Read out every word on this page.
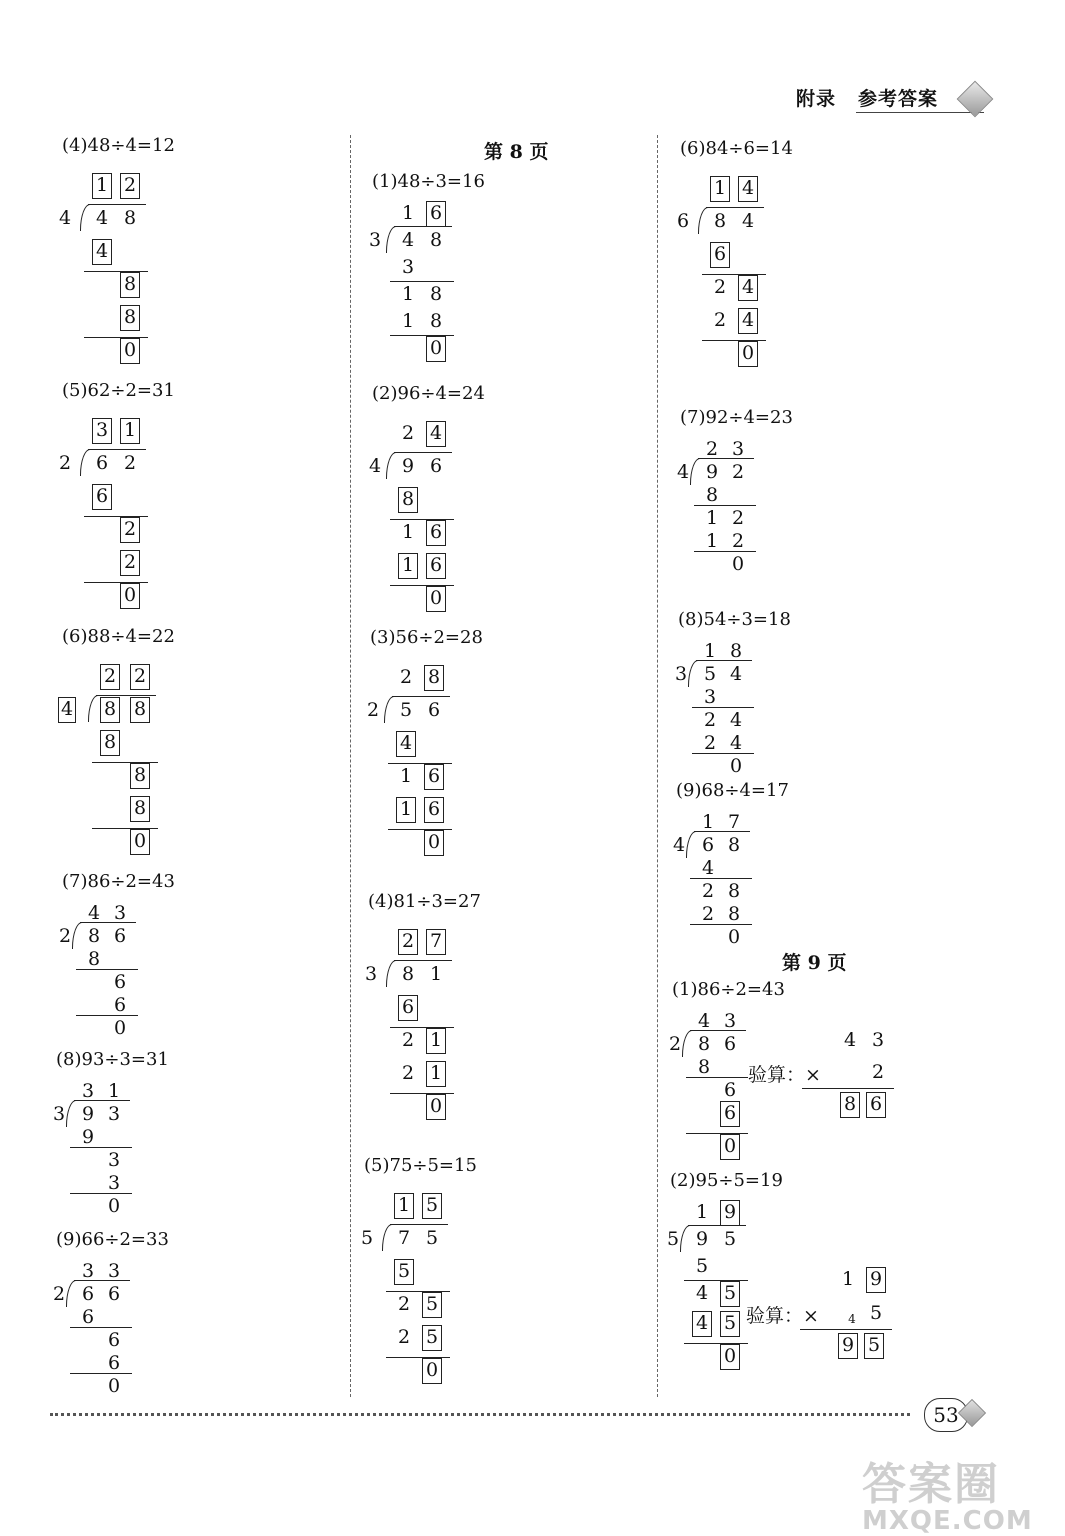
附录 参考答案
第 8 页
第 9 页
(4)48÷4=12
1 2
4 8
4
8
8
0
4
(5)62÷2=31
3 1
6 2
6
2
2
0
2
(6)88÷4=22
2 2
8 8
8
8
8
0
4
(7)86÷2=43
4 3
8 6
8
6
6
0
2
(8)93÷3=31
3 1
9 3
9
3
3
0
3
(9)66÷2=33
3 3
6 6
6
6
6
0
2
(1)48÷3=16
1 6
4 8
3
1 8
1 8
0
3
(2)96÷4=24
2 4
9 6
8
1 6
1 6
0
4
(3)56÷2=28
2 8
5 6
4
1 6
1 6
0
2
(4)81÷3=27
2 7
8 1
6
2 1
2 1
0
3
(5)75÷5=15
1 5
7 5
5
2 5
2 5
0
5
(6)84÷6=14
1 4
8 4
6
2 4
2 4
0
6
(7)92÷4=23
2 3
9 2
8
1 2
1 2
0
4
(8)54÷3=18
1 8
5 4
3
2 4
2 4
0
3
(9)68÷4=17
1 7
6 8
4
2 8
2 8
0
4
(1)86÷2=43
4 3
8 6
8
6
6
0
2	4 3
验算：×	2
8 6
(2)95÷5=19
1 9
9 5
5
4 5
4 5
0
5
1 9
验算：×	5
4
9 5
53
答案圈
MXQE.COM
